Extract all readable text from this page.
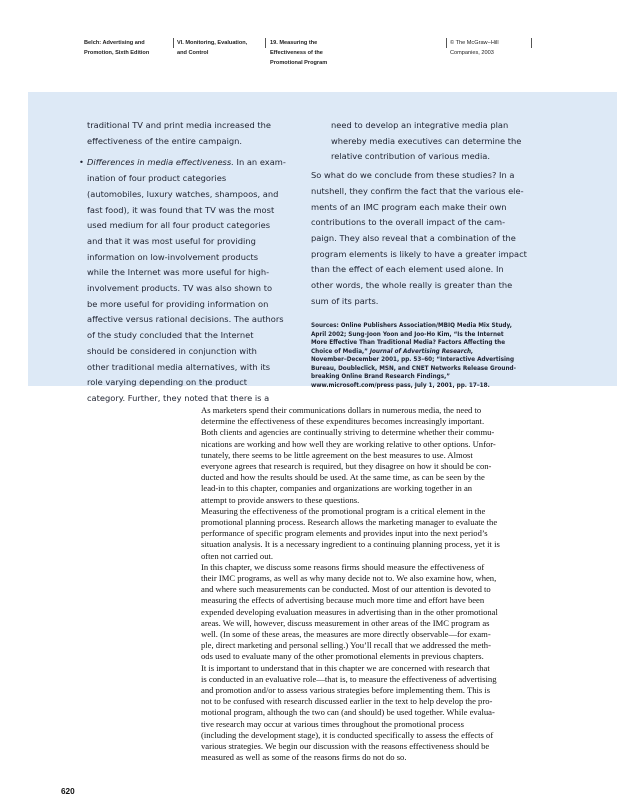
Belch: Advertising and
Promotion, Sixth Edition
VI. Monitoring, Evaluation,
and Control
19. Measuring the
Effectiveness of the
Promotional Program
© The McGraw−Hill
Companies, 2003
traditional TV and print media increased the
effectiveness of the entire campaign.
• Differences in media effectiveness. In an exam-
ination of four product categories
(automobiles, luxury watches, shampoos, and
fast food), it was found that TV was the most
used medium for all four product categories
and that it was most useful for providing
information on low-involvement products
while the Internet was more useful for high-
involvement products. TV was also shown to
be more useful for providing information on
affective versus rational decisions. The authors
of the study concluded that the Internet
should be considered in conjunction with
other traditional media alternatives, with its
role varying depending on the product
category. Further, they noted that there is a
need to develop an integrative media plan
whereby media executives can determine the
relative contribution of various media.
So what do we conclude from these studies? In a
nutshell, they confirm the fact that the various ele-
ments of an IMC program each make their own
contributions to the overall impact of the cam-
paign. They also reveal that a combination of the
program elements is likely to have a greater impact
than the effect of each element used alone. In
other words, the whole really is greater than the
sum of its parts.
Sources: Online Publishers Association/MBIQ Media Mix Study,
April 2002; Sung-Joon Yoon and Joo-Ho Kim, “Is the Internet
More Effective Than Traditional Media? Factors Affecting the
Choice of Media,” Journal of Advertising Research,
November–December 2001, pp. 53–60; “Interactive Advertising
Bureau, Doubleclick, MSN, and CNET Networks Release Ground-
breaking Online Brand Research Findings,”
www.microsoft.com/press pass, July 1, 2001, pp. 17–18.
As marketers spend their communications dollars in numerous media, the need to
determine the effectiveness of these expenditures becomes increasingly important.
Both clients and agencies are continually striving to determine whether their commu-
nications are working and how well they are working relative to other options. Unfor-
tunately, there seems to be little agreement on the best measures to use. Almost
everyone agrees that research is required, but they disagree on how it should be con-
ducted and how the results should be used. At the same time, as can be seen by the
lead-in to this chapter, companies and organizations are working together in an
attempt to provide answers to these questions.
Measuring the effectiveness of the promotional program is a critical element in the
promotional planning process. Research allows the marketing manager to evaluate the
performance of specific program elements and provides input into the next period’s
situation analysis. It is a necessary ingredient to a continuing planning process, yet it is
often not carried out.
In this chapter, we discuss some reasons firms should measure the effectiveness of
their IMC programs, as well as why many decide not to. We also examine how, when,
and where such measurements can be conducted. Most of our attention is devoted to
measuring the effects of advertising because much more time and effort have been
expended developing evaluation measures in advertising than in the other promotional
areas. We will, however, discuss measurement in other areas of the IMC program as
well. (In some of these areas, the measures are more directly observable—for exam-
ple, direct marketing and personal selling.) You’ll recall that we addressed the meth-
ods used to evaluate many of the other promotional elements in previous chapters.
It is important to understand that in this chapter we are concerned with research that
is conducted in an evaluative role—that is, to measure the effectiveness of advertising
and promotion and/or to assess various strategies before implementing them. This is
not to be confused with research discussed earlier in the text to help develop the pro-
motional program, although the two can (and should) be used together. While evalua-
tive research may occur at various times throughout the promotional process
(including the development stage), it is conducted specifically to assess the effects of
various strategies. We begin our discussion with the reasons effectiveness should be
measured as well as some of the reasons firms do not do so.
620
